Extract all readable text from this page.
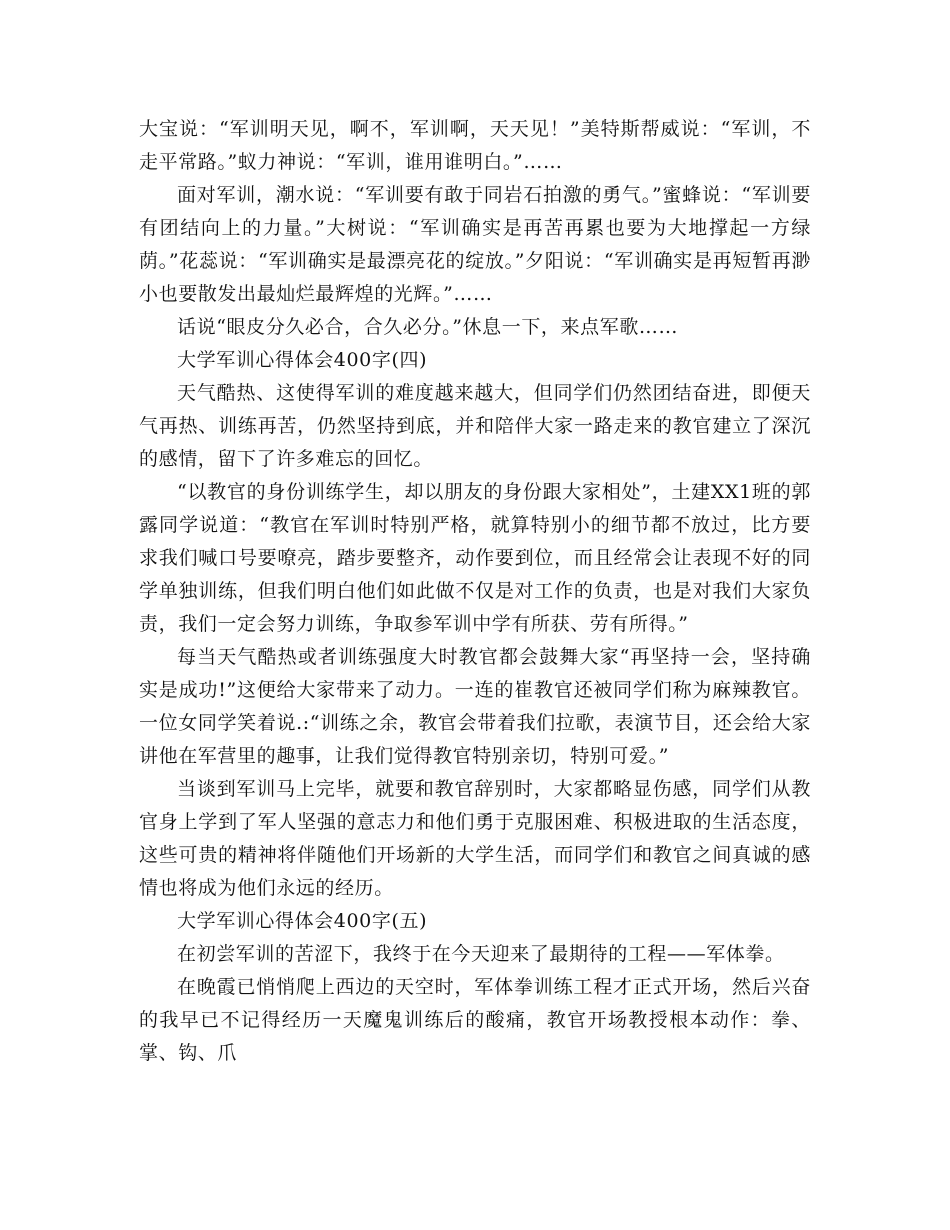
大宝说：“军训明天见，啊不，军训啊，天天见！”美特斯帮威说：“军训，不走平常路。”蚁力神说：“军训，谁用谁明白。”……

面对军训，潮水说：“军训要有敢于同岩石拍激的勇气。”蜜蜂说：“军训要有团结向上的力量。”大树说：“军训确实是再苦再累也要为大地撑起一方绿荫。”花蕊说：“军训确实是最漂亮花的绽放。”夕阳说：“军训确实是再短暂再渺小也要散发出最灿烂最辉煌的光辉。”……

话说“眼皮分久必合，合久必分。”休息一下，来点军歌……

大学军训心得体会400字(四)

天气酷热、这使得军训的难度越来越大，但同学们仍然团结奋进，即便天气再热、训练再苦，仍然坚持到底，并和陪伴大家一路走来的教官建立了深沉的感情，留下了许多难忘的回忆。

“以教官的身份训练学生，却以朋友的身份跟大家相处”，土建XX1班的郭露同学说道：“教官在军训时特别严格，就算特别小的细节都不放过，比方要求我们喊口号要嘹亮，踏步要整齐，动作要到位，而且经常会让表现不好的同学单独训练，但我们明白他们如此做不仅是对工作的负责，也是对我们大家负责，我们一定会努力训练，争取参军训中学有所获、劳有所得。”

每当天气酷热或者训练强度大时教官都会鼓舞大家“再坚持一会，坚持确实是成功!”这便给大家带来了动力。一连的崔教官还被同学们称为麻辣教官。一位女同学笑着说.:“训练之余，教官会带着我们拉歌，表演节目，还会给大家讲他在军营里的趣事，让我们觉得教官特别亲切，特别可爱。”

当谈到军训马上完毕，就要和教官辞别时，大家都略显伤感，同学们从教官身上学到了军人坚强的意志力和他们勇于克服困难、积极进取的生活态度，这些可贵的精神将伴随他们开场新的大学生活，而同学们和教官之间真诚的感情也将成为他们永远的经历。

大学军训心得体会400字(五)

在初尝军训的苦涩下，我终于在今天迎来了最期待的工程——军体拳。

在晚霞已悄悄爬上西边的天空时，军体拳训练工程才正式开场，然后兴奋的我早已不记得经历一天魔鬼训练后的酸痛，教官开场教授根本动作：拳、掌、钩、爪
